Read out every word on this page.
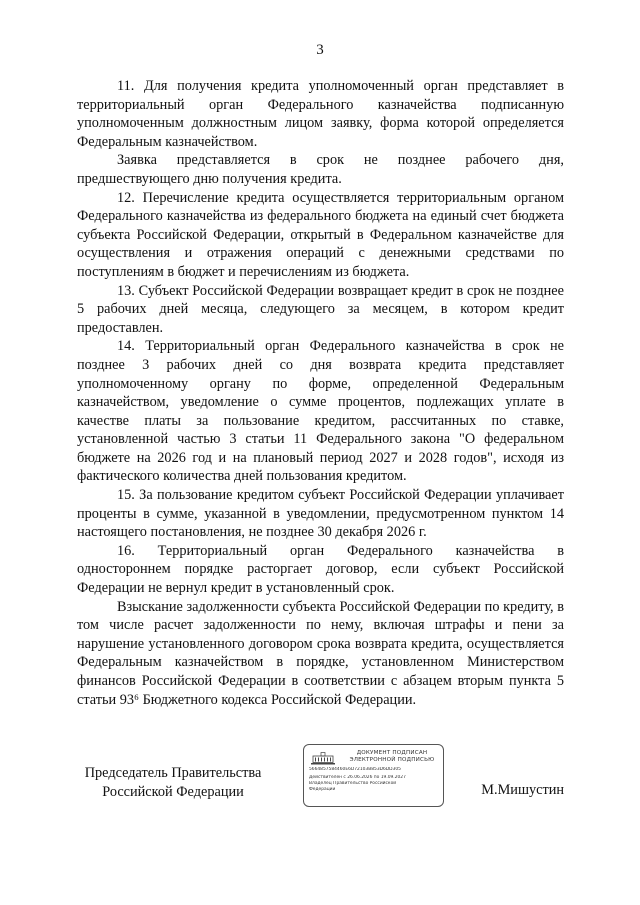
3

11. Для получения кредита уполномоченный орган представляет в территориальный орган Федерального казначейства подписанную уполномоченным должностным лицом заявку, форма которой определяется Федеральным казначейством.

Заявка представляется в срок не позднее рабочего дня, предшествующего дню получения кредита.

12. Перечисление кредита осуществляется территориальным органом Федерального казначейства из федерального бюджета на единый счет бюджета субъекта Российской Федерации, открытый в Федеральном казначействе для осуществления и отражения операций с денежными средствами по поступлениям в бюджет и перечислениям из бюджета.

13. Субъект Российской Федерации возвращает кредит в срок не позднее 5 рабочих дней месяца, следующего за месяцем, в котором кредит предоставлен.

14. Территориальный орган Федерального казначейства в срок не позднее 3 рабочих дней со дня возврата кредита представляет уполномоченному органу по форме, определенной Федеральным казначейством, уведомление о сумме процентов, подлежащих уплате в качестве платы за пользование кредитом, рассчитанных по ставке, установленной частью 3 статьи 11 Федерального закона "О федеральном бюджете на 2026 год и на плановый период 2027 и 2028 годов", исходя из фактического количества дней пользования кредитом.

15. За пользование кредитом субъект Российской Федерации уплачивает проценты в сумме, указанной в уведомлении, предусмотренном пунктом 14 настоящего постановления, не позднее 30 декабря 2026 г.

16. Территориальный орган Федерального казначейства в одностороннем порядке расторгает договор, если субъект Российской Федерации не вернул кредит в установленный срок.

Взыскание задолженности субъекта Российской Федерации по кредиту, в том числе расчет задолженности по нему, включая штрафы и пени за нарушение установленного договором срока возврата кредита, осуществляется Федеральным казначейством в порядке, установленном Министерством финансов Российской Федерации в соответствии с абзацем вторым пункта 5 статьи 93⁶ Бюджетного кодекса Российской Федерации.

Председатель Правительства
Российской Федерации
ДОКУМЕНТ ПОДПИСАН
ЭЛЕКТРОННОЙ ПОДПИСЬЮ
5664857584460E6D72103B853D6DD305
Действителен с 26.06.2026 по 19.09.2027
Владелец Правительство Российской
Федерации	М.Мишустин
